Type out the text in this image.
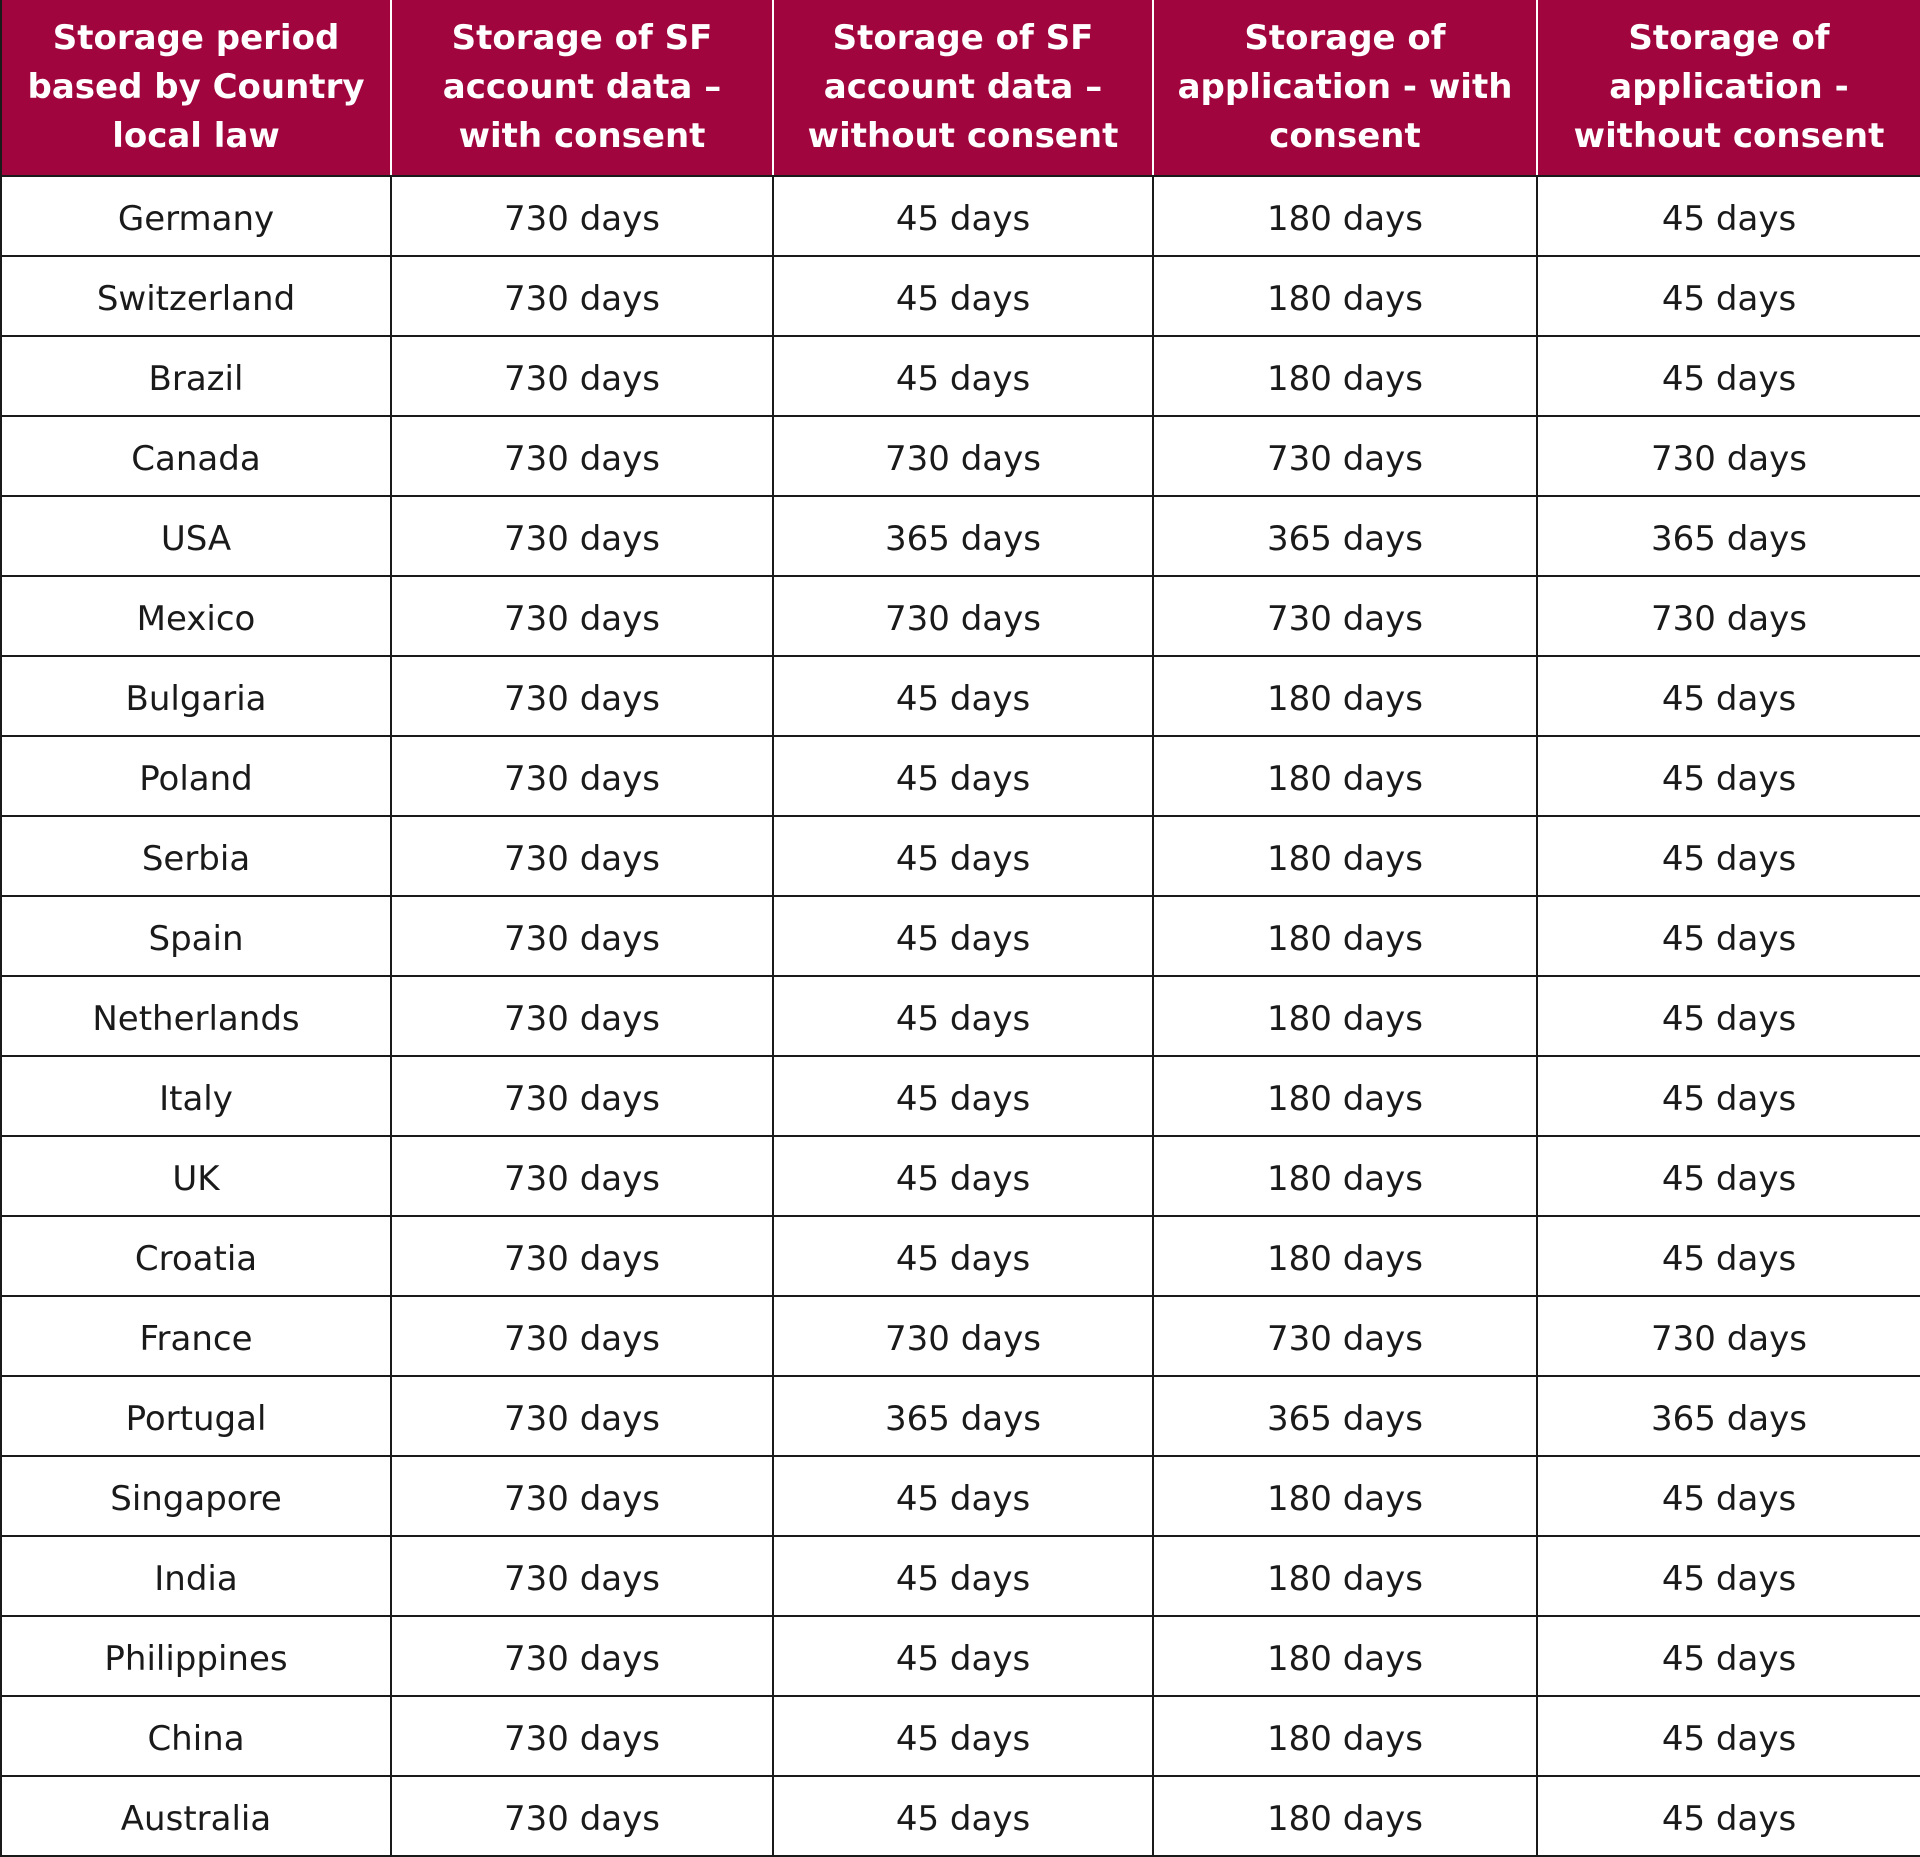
Storage period based by Country local law	Storage of SF account data – with consent	Storage of SF account data – without consent	Storage of application - with consent	Storage of application - without consent
Germany	730 days	45 days	180 days	45 days
Switzerland	730 days	45 days	180 days	45 days
Brazil	730 days	45 days	180 days	45 days
Canada	730 days	730 days	730 days	730 days
USA	730 days	365 days	365 days	365 days
Mexico	730 days	730 days	730 days	730 days
Bulgaria	730 days	45 days	180 days	45 days
Poland	730 days	45 days	180 days	45 days
Serbia	730 days	45 days	180 days	45 days
Spain	730 days	45 days	180 days	45 days
Netherlands	730 days	45 days	180 days	45 days
Italy	730 days	45 days	180 days	45 days
UK	730 days	45 days	180 days	45 days
Croatia	730 days	45 days	180 days	45 days
France	730 days	730 days	730 days	730 days
Portugal	730 days	365 days	365 days	365 days
Singapore	730 days	45 days	180 days	45 days
India	730 days	45 days	180 days	45 days
Philippines	730 days	45 days	180 days	45 days
China	730 days	45 days	180 days	45 days
Australia	730 days	45 days	180 days	45 days
